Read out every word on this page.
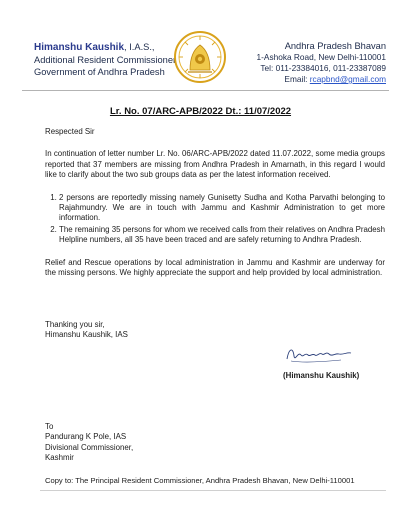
Himanshu Kaushik, I.A.S.,
Additional Resident Commissioner
Government of Andhra Pradesh
Andhra Pradesh Bhavan
1-Ashoka Road, New Delhi-110001
Tel: 011-23384016, 011-23387089
Email: rcapbnd@gmail.com
Lr. No. 07/ARC-APB/2022 Dt.: 11/07/2022

Respected Sir

In continuation of letter number Lr. No. 06/ARC-APB/2022 dated 11.07.2022, some media groups reported that 37 members are missing from Andhra Pradesh in Amarnath, in this regard I would like to clarify about the two sub groups data as per the latest information received.

1. 2 persons are reportedly missing namely Gunisetty Sudha and Kotha Parvathi belonging to Rajahmundry. We are in touch with Jammu and Kashmir Administration to get more information.
2. The remaining 35 persons for whom we received calls from their relatives on Andhra Pradesh Helpline numbers, all 35 have been traced and are safely returning to Andhra Pradesh.

Relief and Rescue operations by local administration in Jammu and Kashmir are underway for the missing persons. We highly appreciate the support and help provided by local administration.

Thanking you sir,
Himanshu Kaushik, IAS
(Himanshu Kaushik)
To
Pandurang K Pole, IAS
Divisional Commissioner,
Kashmir
Copy to: The Principal Resident Commissioner, Andhra Pradesh Bhavan, New Delhi-110001
